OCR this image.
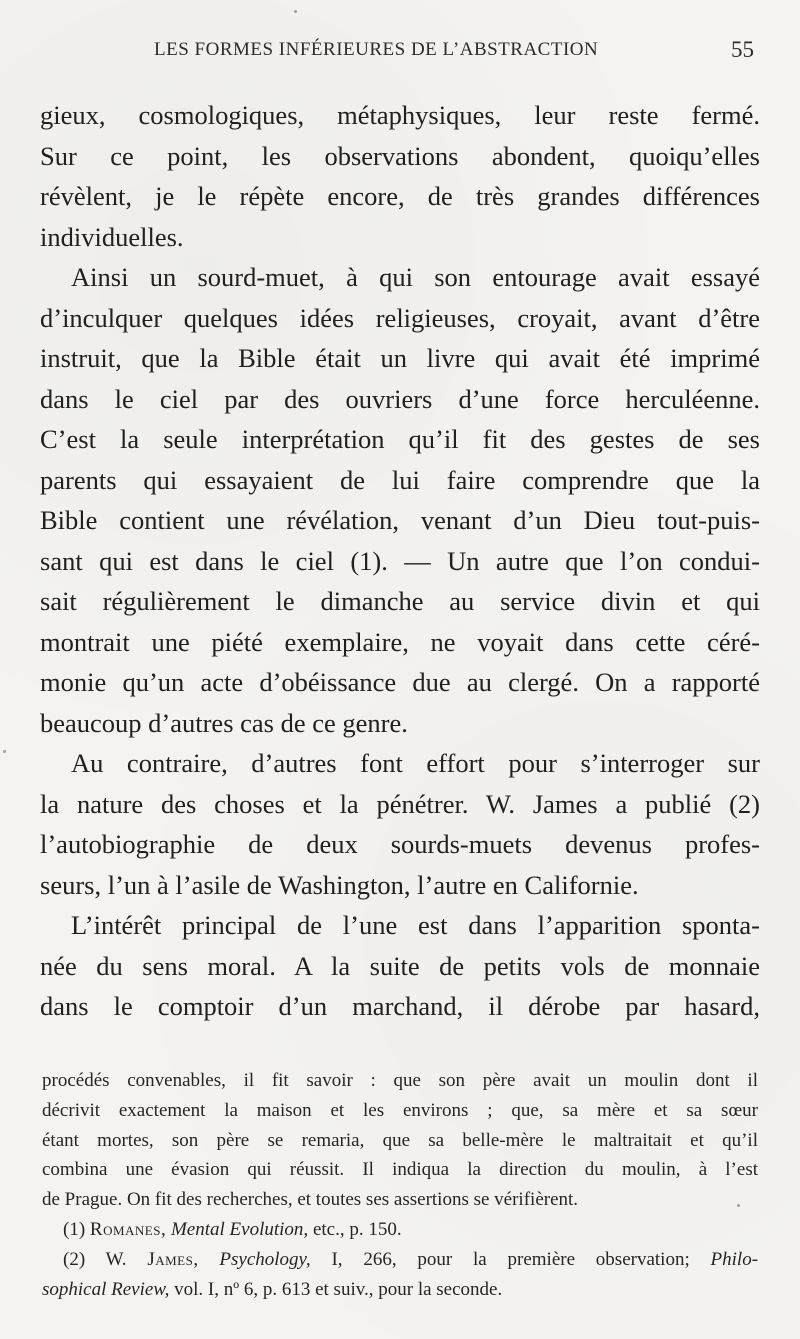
LES FORMES INFÉRIEURES DE L’ABSTRACTION	55

gieux, cosmologiques, métaphysiques, leur reste fermé.
Sur ce point, les observations abondent, quoiqu’elles
révèlent, je le répète encore, de très grandes différences
individuelles.

Ainsi un sourd-muet, à qui son entourage avait essayé
d’inculquer quelques idées religieuses, croyait, avant d’être
instruit, que la Bible était un livre qui avait été imprimé
dans le ciel par des ouvriers d’une force herculéenne.
C’est la seule interprétation qu’il fit des gestes de ses
parents qui essayaient de lui faire comprendre que la
Bible contient une révélation, venant d’un Dieu tout-puis-
sant qui est dans le ciel (1). — Un autre que l’on condui-
sait régulièrement le dimanche au service divin et qui
montrait une piété exemplaire, ne voyait dans cette céré-
monie qu’un acte d’obéissance due au clergé. On a rapporté
beaucoup d’autres cas de ce genre.

Au contraire, d’autres font effort pour s’interroger sur
la nature des choses et la pénétrer. W. James a publié (2)
l’autobiographie de deux sourds-muets devenus profes-
seurs, l’un à l’asile de Washington, l’autre en Californie.

L’intérêt principal de l’une est dans l’apparition sponta-
née du sens moral. A la suite de petits vols de monnaie
dans le comptoir d’un marchand, il dérobe par hasard,

procédés convenables, il fit savoir : que son père avait un moulin dont il
décrivit exactement la maison et les environs ; que, sa mère et sa sœur
étant mortes, son père se remaria, que sa belle-mère le maltraitait et qu’il
combina une évasion qui réussit. Il indiqua la direction du moulin, à l’est
de Prague. On fit des recherches, et toutes ses assertions se vérifièrent.
(1) Romanes, Mental Evolution, etc., p. 150.
(2) W. James, Psychology, I, 266, pour la première observation; Philo-
sophical Review, vol. I, nº 6, p. 613 et suiv., pour la seconde.
